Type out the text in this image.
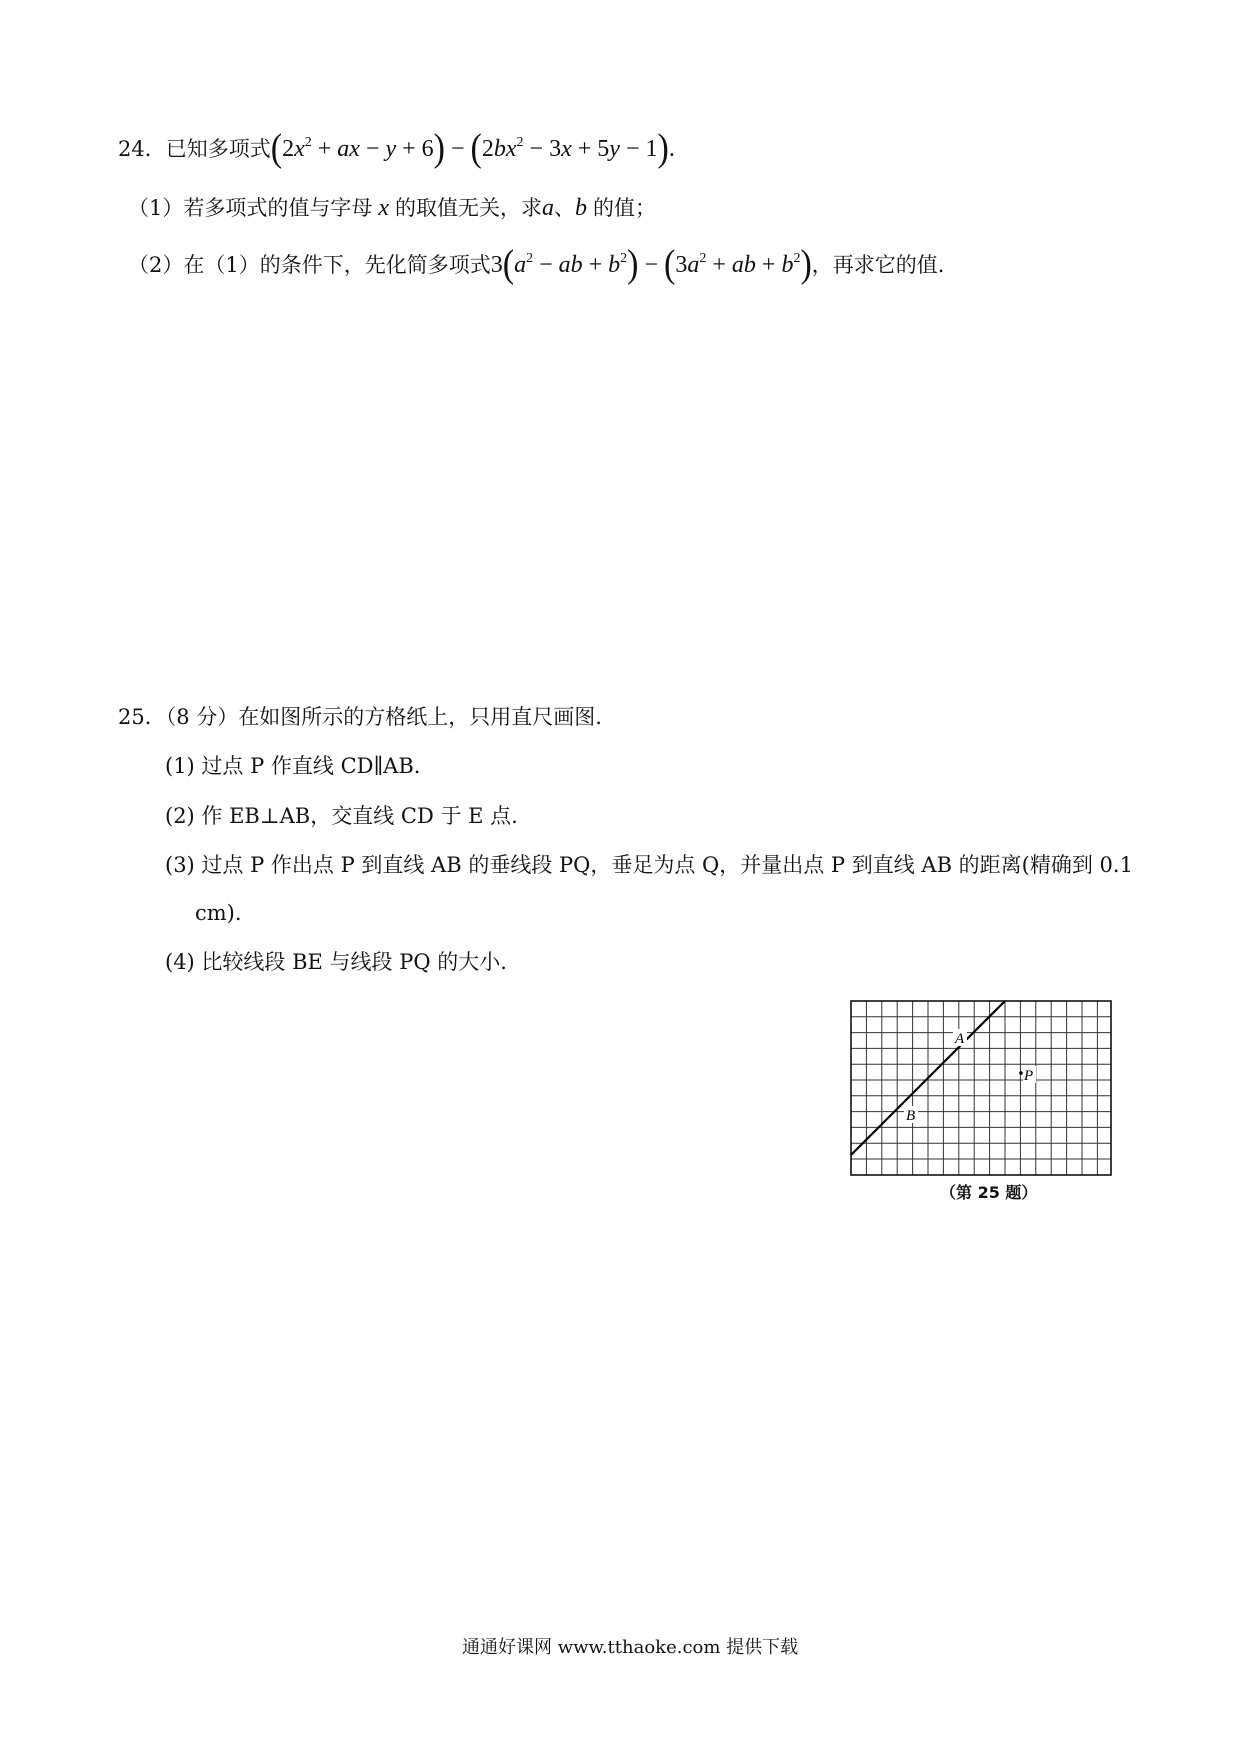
24．已知多项式($2x^2$ + ax − $y + 6) - (2bx^2 - 3x + 5y - 1)$.
（1）若多项式的值与字母 x 的取值无关，求a、b 的值；
（2）在（1）的条件下，先化简多项式$3(a^2$ − ab + $b^2) - (3a^2$ + ab + $b^2$)，再求它的值.
25．（8 分）在如图所示的方格纸上，只用直尺画图.
(1) 过点 P 作直线 CD∥AB.
(2) 作 EB⊥AB，交直线 CD 于 E 点.
(3) 过点 P 作出点 P 到直线 AB 的垂线段 PQ，垂足为点 Q，并量出点 P 到直线 AB 的距离(精确到 0.1
cm).
(4) 比较线段 BE 与线段 PQ 的大小.
A
B
P
（第 25 题）
通通好课网 www.tthaoke.com 提供下载
